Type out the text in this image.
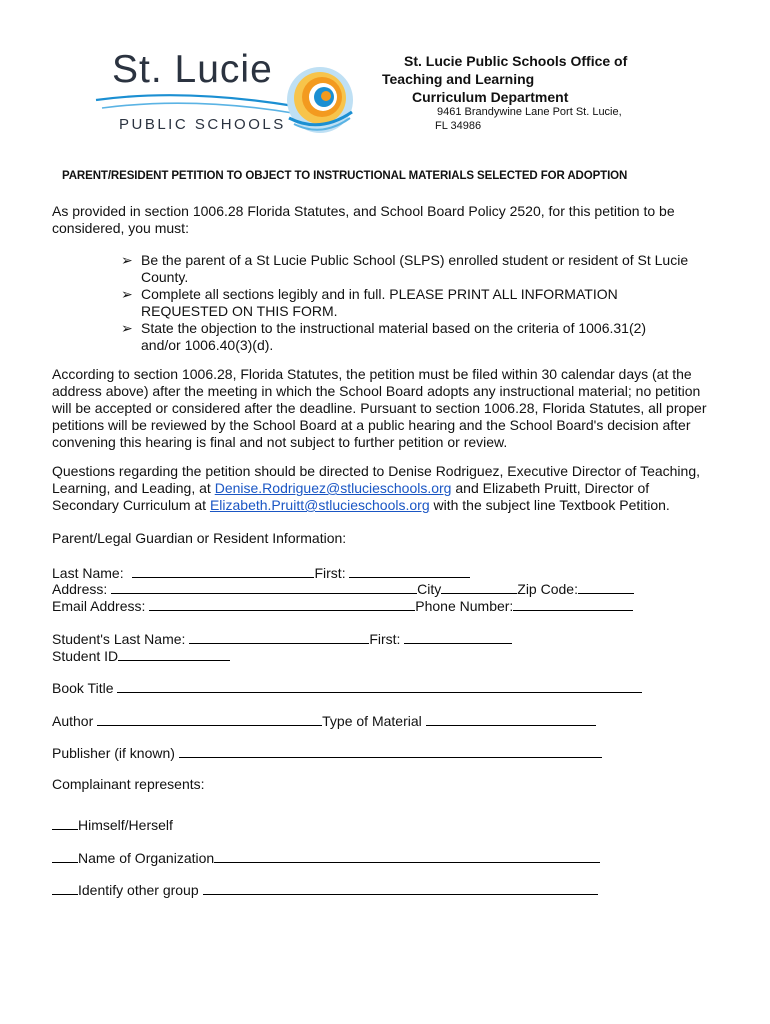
St. Lucie
PUBLIC SCHOOLS
St. Lucie Public Schools Office of
Teaching and Learning
Curriculum Department
9461 Brandywine Lane Port St. Lucie,
FL 34986
PARENT/RESIDENT PETITION TO OBJECT TO INSTRUCTIONAL MATERIALS SELECTED FOR ADOPTION
As provided in section 1006.28 Florida Statutes, and School Board Policy 2520, for this petition to be
considered, you must:
➢ Be the parent of a St Lucie Public School (SLPS) enrolled student or resident of St Lucie
County.
➢ Complete all sections legibly and in full. PLEASE PRINT ALL INFORMATION
REQUESTED ON THIS FORM.
➢ State the objection to the instructional material based on the criteria of 1006.31(2)
and/or 1006.40(3)(d).
According to section 1006.28, Florida Statutes, the petition must be filed within 30 calendar days (at the
address above) after the meeting in which the School Board adopts any instructional material; no petition
will be accepted or considered after the deadline. Pursuant to section 1006.28, Florida Statutes, all proper
petitions will be reviewed by the School Board at a public hearing and the School Board's decision after
convening this hearing is final and not subject to further petition or review.
Questions regarding the petition should be directed to Denise Rodriguez, Executive Director of Teaching,
Learning, and Leading, at Denise.Rodriguez@stlucieschools.org and Elizabeth Pruitt, Director of
Secondary Curriculum at Elizabeth.Pruitt@stlucieschools.org with the subject line Textbook Petition.
Parent/Legal Guardian or Resident Information:
Last Name:	First:
Address:	City	Zip Code:
Email Address:	Phone Number:
Student's Last Name:	First:
Student ID
Book Title
Author	Type of Material
Publisher (if known)
Complainant represents:
Himself/Herself
Name of Organization
Identify other group
